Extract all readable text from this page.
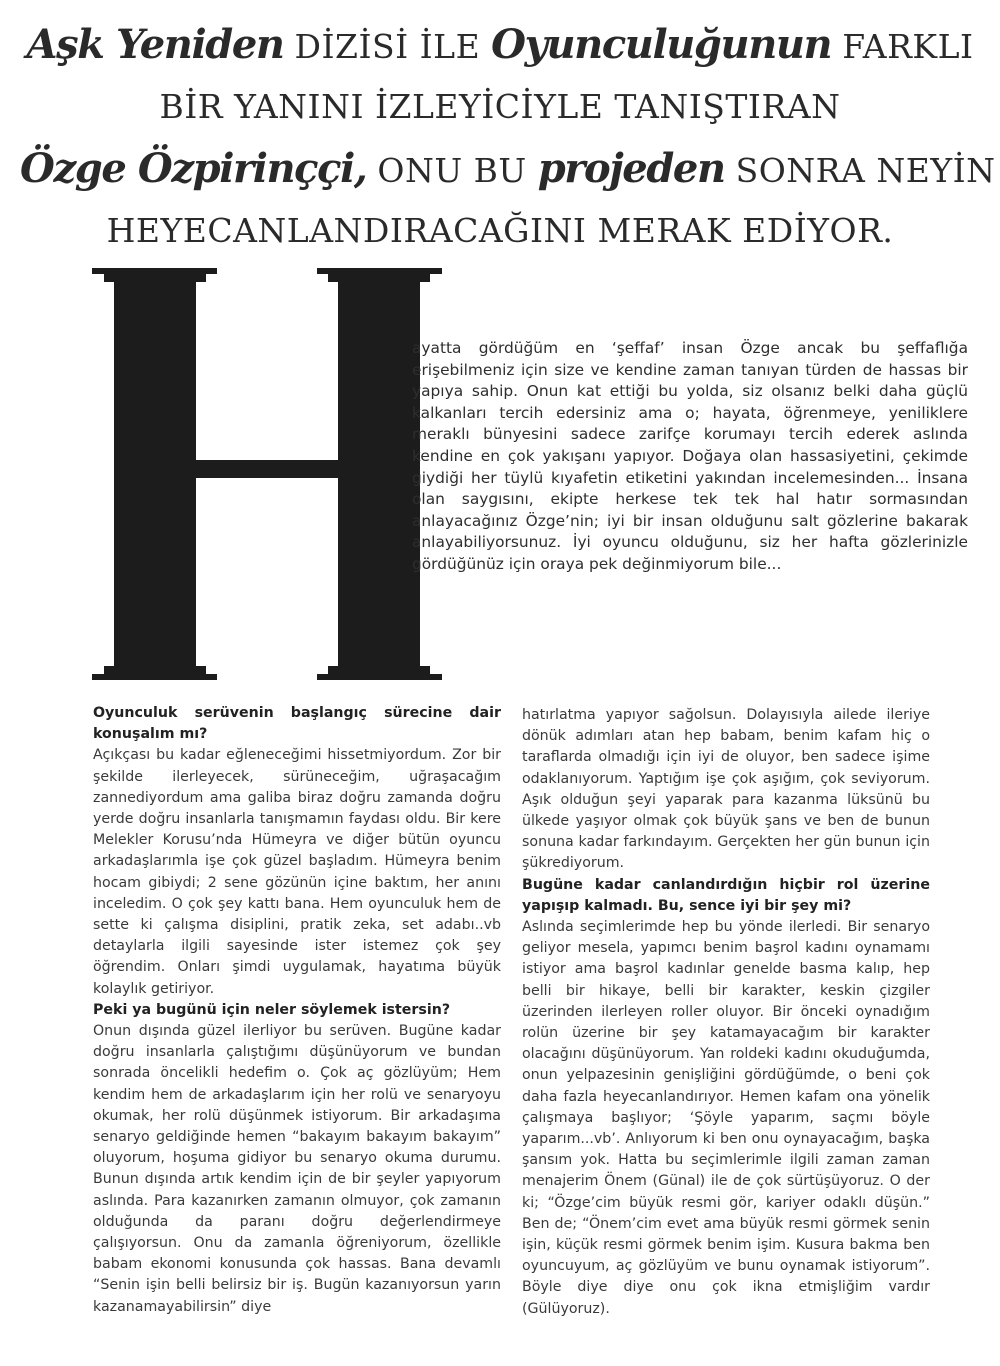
Aşk Yeniden DİZİSİ İLE Oyunculuğunun FARKLI
BİR YANINI İZLEYİCİYLE TANIŞTIRAN
Özge Özpirinççi, ONU BU projeden SONRA NEYİN
HEYECANLANDIRACAĞINI MERAK EDİYOR.
ayatta gördüğüm en ‘şeffaf’ insan Özge ancak bu şeffaflığa erişebilmeniz için size ve kendine zaman tanıyan türden de hassas bir yapıya sahip. Onun kat ettiği bu yolda, siz olsanız belki daha güçlü kalkanları tercih edersiniz ama o; hayata, öğrenmeye, yeniliklere meraklı bünyesini sadece zarifçe korumayı tercih ederek aslında kendine en çok yakışanı yapıyor. Doğaya olan hassasiyetini, çekimde giydiği her tüylü kıyafetin etiketini yakından incelemesinden... İnsana olan saygısını, ekipte herkese tek tek hal hatır sormasından anlayacağınız Özge’nin; iyi bir insan olduğunu salt gözlerine bakarak anlayabiliyorsunuz. İyi oyuncu olduğunu, siz her hafta gözlerinizle gördüğünüz için oraya pek değinmiyorum bile...

Oyunculuk serüvenin başlangıç sürecine dair konuşalım mı?

Açıkçası bu kadar eğleneceğimi hissetmiyordum. Zor bir şekilde ilerleyecek, sürüneceğim, uğraşacağım zannediyordum ama galiba biraz doğru zamanda doğru yerde doğru insanlarla tanışmamın faydası oldu. Bir kere Melekler Korusu’nda Hümeyra ve diğer bütün oyuncu arkadaşlarımla işe çok güzel başladım. Hümeyra benim hocam gibiydi; 2 sene gözünün içine baktım, her anını inceledim. O çok şey kattı bana. Hem oyunculuk hem de sette ki çalışma disiplini, pratik zeka, set adabı..vb detaylarla ilgili sayesinde ister istemez çok şey öğrendim. Onları şimdi uygulamak, hayatıma büyük kolaylık getiriyor.

Peki ya bugünü için neler söylemek istersin?

Onun dışında güzel ilerliyor bu serüven. Bugüne kadar doğru insanlarla çalıştığımı düşünüyorum ve bundan sonrada öncelikli hedefim o. Çok aç gözlüyüm; Hem kendim hem de arkadaşlarım için her rolü ve senaryoyu okumak, her rolü düşünmek istiyorum. Bir arkadaşıma senaryo geldiğinde hemen “bakayım bakayım bakayım” oluyorum, hoşuma gidiyor bu senaryo okuma durumu. Bunun dışında artık kendim için de bir şeyler yapıyorum aslında. Para kazanırken zamanın olmuyor, çok zamanın olduğunda da paranı doğru değerlendirmeye çalışıyorsun. Onu da zamanla öğreniyorum, özellikle babam ekonomi konusunda çok hassas. Bana devamlı “Senin işin belli belirsiz bir iş. Bugün kazanıyorsun yarın kazanamayabilirsin” diye

hatırlatma yapıyor sağolsun. Dolayısıyla ailede ileriye dönük adımları atan hep babam, benim kafam hiç o taraflarda olmadığı için iyi de oluyor, ben sadece işime odaklanıyorum. Yaptığım işe çok aşığım, çok seviyorum. Aşık olduğun şeyi yaparak para kazanma lüksünü bu ülkede yaşıyor olmak çok büyük şans ve ben de bunun sonuna kadar farkındayım. Gerçekten her gün bunun için şükrediyorum.

Bugüne kadar canlandırdığın hiçbir rol üzerine yapışıp kalmadı. Bu, sence iyi bir şey mi?

Aslında seçimlerimde hep bu yönde ilerledi. Bir senaryo geliyor mesela, yapımcı benim başrol kadını oynamamı istiyor ama başrol kadınlar genelde basma kalıp, hep belli bir hikaye, belli bir karakter, keskin çizgiler üzerinden ilerleyen roller oluyor. Bir önceki oynadığım rolün üzerine bir şey katamayacağım bir karakter olacağını düşünüyorum. Yan roldeki kadını okuduğumda, onun yelpazesinin genişliğini gördüğümde, o beni çok daha fazla heyecanlandırıyor. Hemen kafam ona yönelik çalışmaya başlıyor; ‘Şöyle yaparım, saçmı böyle yaparım...vb’. Anlıyorum ki ben onu oynayacağım, başka şansım yok. Hatta bu seçimlerimle ilgili zaman zaman menajerim Önem (Günal) ile de çok sürtüşüyoruz. O der ki; “Özge’cim büyük resmi gör, kariyer odaklı düşün.” Ben de; “Önem’cim evet ama büyük resmi görmek senin işin, küçük resmi görmek benim işim. Kusura bakma ben oyuncuyum, aç gözlüyüm ve bunu oynamak istiyorum”. Böyle diye diye onu çok ikna etmişliğim vardır (Gülüyoruz).
